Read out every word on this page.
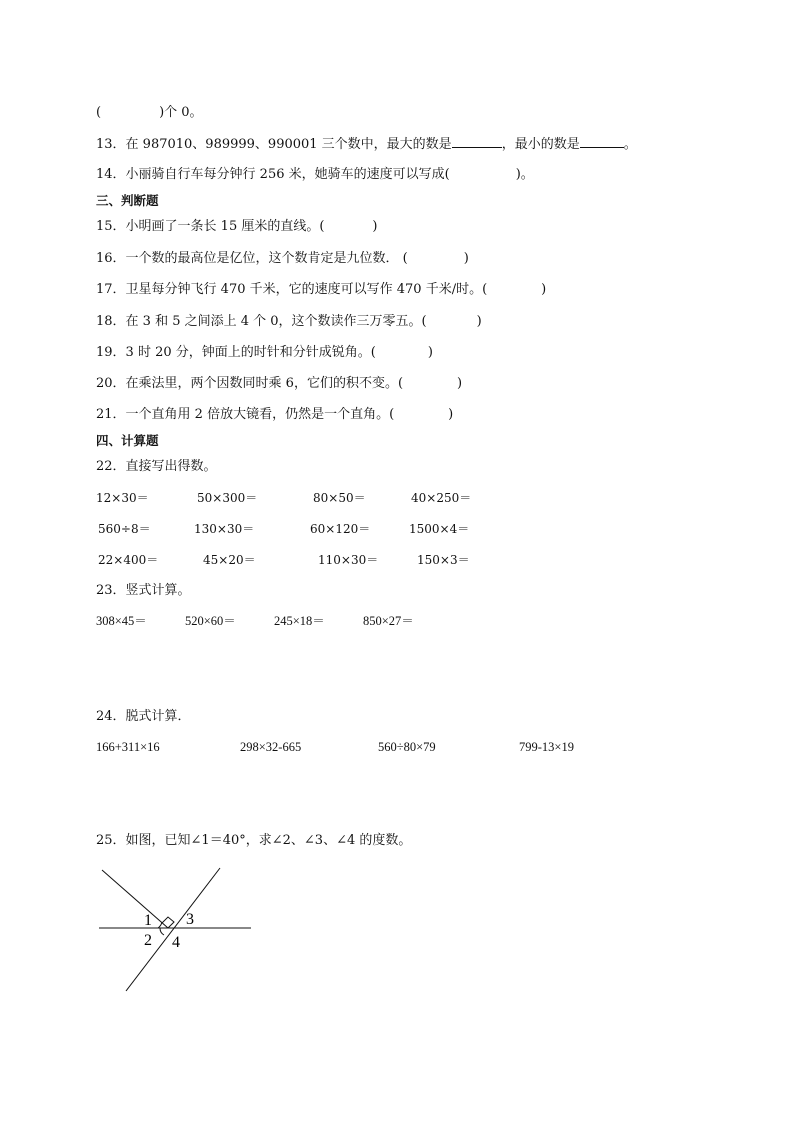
(	)个 0。
13．在 987010、989999、990001 三个数中，最大的数是	，最小的数是	。
14．小丽骑自行车每分钟行 256 米，她骑车的速度可以写成(	)。
三、判断题
15．小明画了一条长 15 厘米的直线。(	)
16．一个数的最高位是亿位，这个数肯定是九位数． (	)
17．卫星每分钟飞行 470 千米，它的速度可以写作 470 千米/时。(	)
18．在 3 和 5 之间添上 4 个 0，这个数读作三万零五。(	)
19．3 时 20 分，钟面上的时针和分针成锐角。(	)
20．在乘法里，两个因数同时乘 6，它们的积不变。(	)
21．一个直角用 2 倍放大镜看，仍然是一个直角。(	)
四、计算题
22．直接写出得数。
12×30＝	50×300＝	80×50＝	40×250＝
560÷8＝	130×30＝	60×120＝	1500×4＝
22×400＝	45×20＝	110×30＝	150×3＝
23．竖式计算。
308×45＝	520×60＝	245×18＝	850×27＝
24．脱式计算．
166+311×16	298×32-665	560÷80×79	799-13×19
25．如图，已知∠1＝40°，求∠2、∠3、∠4 的度数。
1
2
3
4
